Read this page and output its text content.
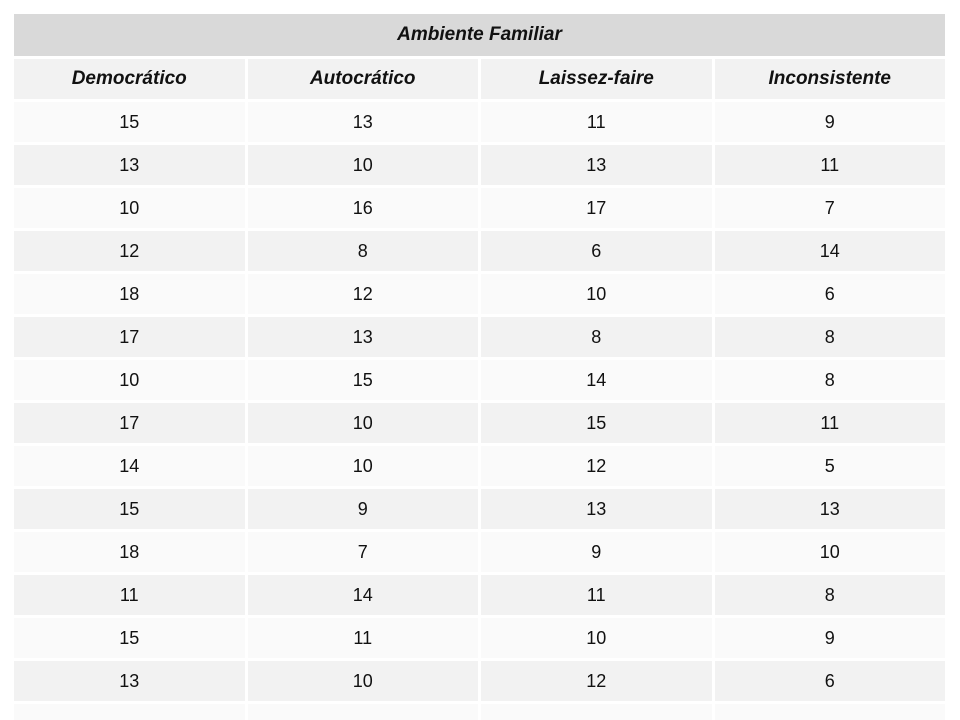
Ambiente Familiar			
Democrático	Autocrático	Laissez-faire	Inconsistente
15	13	11	9
13	10	13	11
10	16	17	7
12	8	6	14
18	12	10	6
17	13	8	8
10	15	14	8
17	10	15	11
14	10	12	5
15	9	13	13
18	7	9	10
11	14	11	8
15	11	10	9
13	10	12	6
